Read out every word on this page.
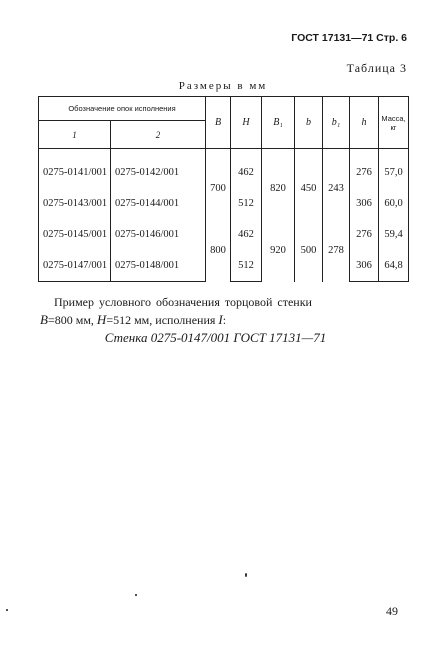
ГОСТ 17131—71 Стр. 6
Таблица 3
Размеры в мм
Обозначение опок исполнения		B	H	B₁	b	b₁	h	Масса, кг
1	2							

0275-0141/001	0275-0142/001	700	462	820	450	243	276	57,0
0275-0143/001	0275-0144/001		512				306	60,0
0275-0145/001	0275-0146/001	800	462	920	500	278	276	59,4
0275-0147/001	0275-0148/001		512				306	64,8
Пример условного обозначения торцовой стенки
B=800 мм, H=512 мм, исполнения I:
Стенка 0275-0147/001 ГОСТ 17131—71
49
